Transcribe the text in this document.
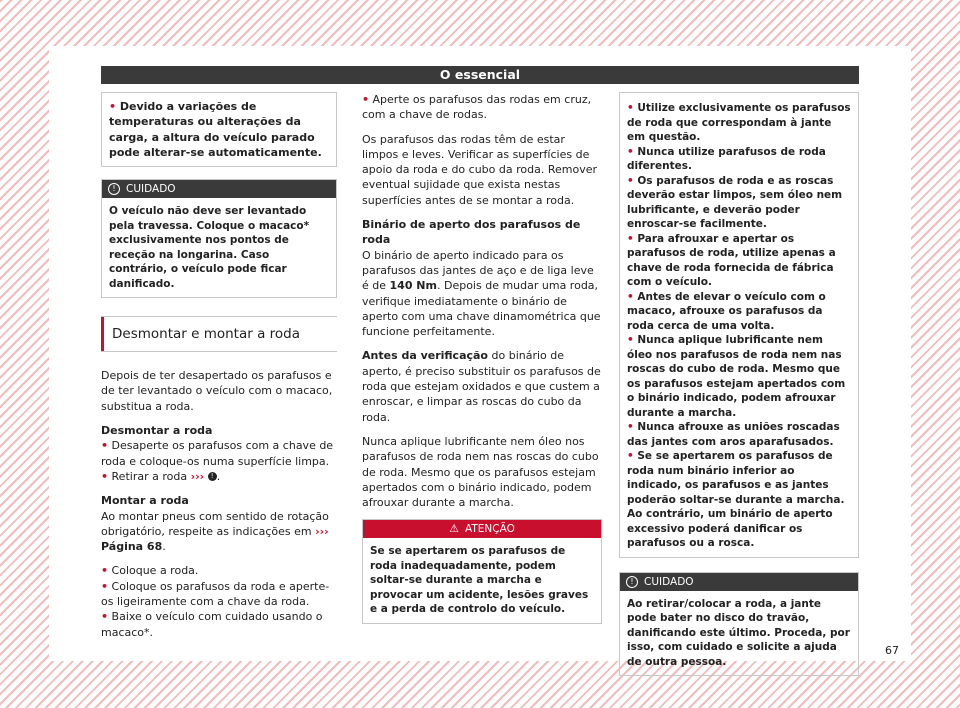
O essencial
• Devido a variações de temperaturas ou alterações da carga, a altura do veículo parado pode alterar-se automaticamente.
! CUIDADO
O veículo não deve ser levantado pela travessa. Coloque o macaco* exclusivamente nos pontos de receção na longarina. Caso contrário, o veículo pode ficar danificado.
Desmontar e montar a roda

Depois de ter desapertado os parafusos e de ter levantado o veículo com o macaco, substitua a roda.

Desmontar a roda

• Desaperte os parafusos com a chave de roda e coloque-os numa superfície limpa.

• Retirar a roda ››› ! .

Montar a roda

Ao montar pneus com sentido de rotação obrigatório, respeite as indicações em ››› Página 68.

• Coloque a roda.

• Coloque os parafusos da roda e aperte-os ligeiramente com a chave da roda.

• Baixe o veículo com cuidado usando o macaco*.

• Aperte os parafusos das rodas em cruz, com a chave de rodas.

Os parafusos das rodas têm de estar limpos e leves. Verificar as superfícies de apoio da roda e do cubo da roda. Remover eventual sujidade que exista nestas superfícies antes de se montar a roda.

Binário de aperto dos parafusos de roda

O binário de aperto indicado para os parafusos das jantes de aço e de liga leve é de 140 Nm. Depois de mudar uma roda, verifique imediatamente o binário de aperto com uma chave dinamométrica que funcione perfeitamente.

Antes da verificação do binário de aperto, é preciso substituir os parafusos de roda que estejam oxidados e que custem a enroscar, e limpar as roscas do cubo da roda.

Nunca aplique lubrificante nem óleo nos parafusos de roda nem nas roscas do cubo de roda. Mesmo que os parafusos estejam apertados com o binário indicado, podem afrouxar durante a marcha.

⚠ ATENÇÃO
Se se apertarem os parafusos de roda inadequadamente, podem soltar-se durante a marcha e provocar um acidente, lesões graves e a perda de controlo do veículo.

• Utilize exclusivamente os parafusos de roda que correspondam à jante em questão.

• Nunca utilize parafusos de roda diferentes.

• Os parafusos de roda e as roscas deverão estar limpos, sem óleo nem lubrificante, e deverão poder enroscar-se facilmente.

• Para afrouxar e apertar os parafusos de roda, utilize apenas a chave de roda fornecida de fábrica com o veículo.

• Antes de elevar o veículo com o macaco, afrouxe os parafusos da roda cerca de uma volta.

• Nunca aplique lubrificante nem óleo nos parafusos de roda nem nas roscas do cubo de roda. Mesmo que os parafusos estejam apertados com o binário indicado, podem afrouxar durante a marcha.

• Nunca afrouxe as uniões roscadas das jantes com aros aparafusados.

• Se se apertarem os parafusos de roda num binário inferior ao indicado, os parafusos e as jantes poderão soltar-se durante a marcha. Ao contrário, um binário de aperto excessivo poderá danificar os parafusos ou a rosca.

! CUIDADO
Ao retirar/colocar a roda, a jante pode bater no disco do travão, danificando este último. Proceda, por isso, com cuidado e solicite a ajuda de outra pessoa.
67
